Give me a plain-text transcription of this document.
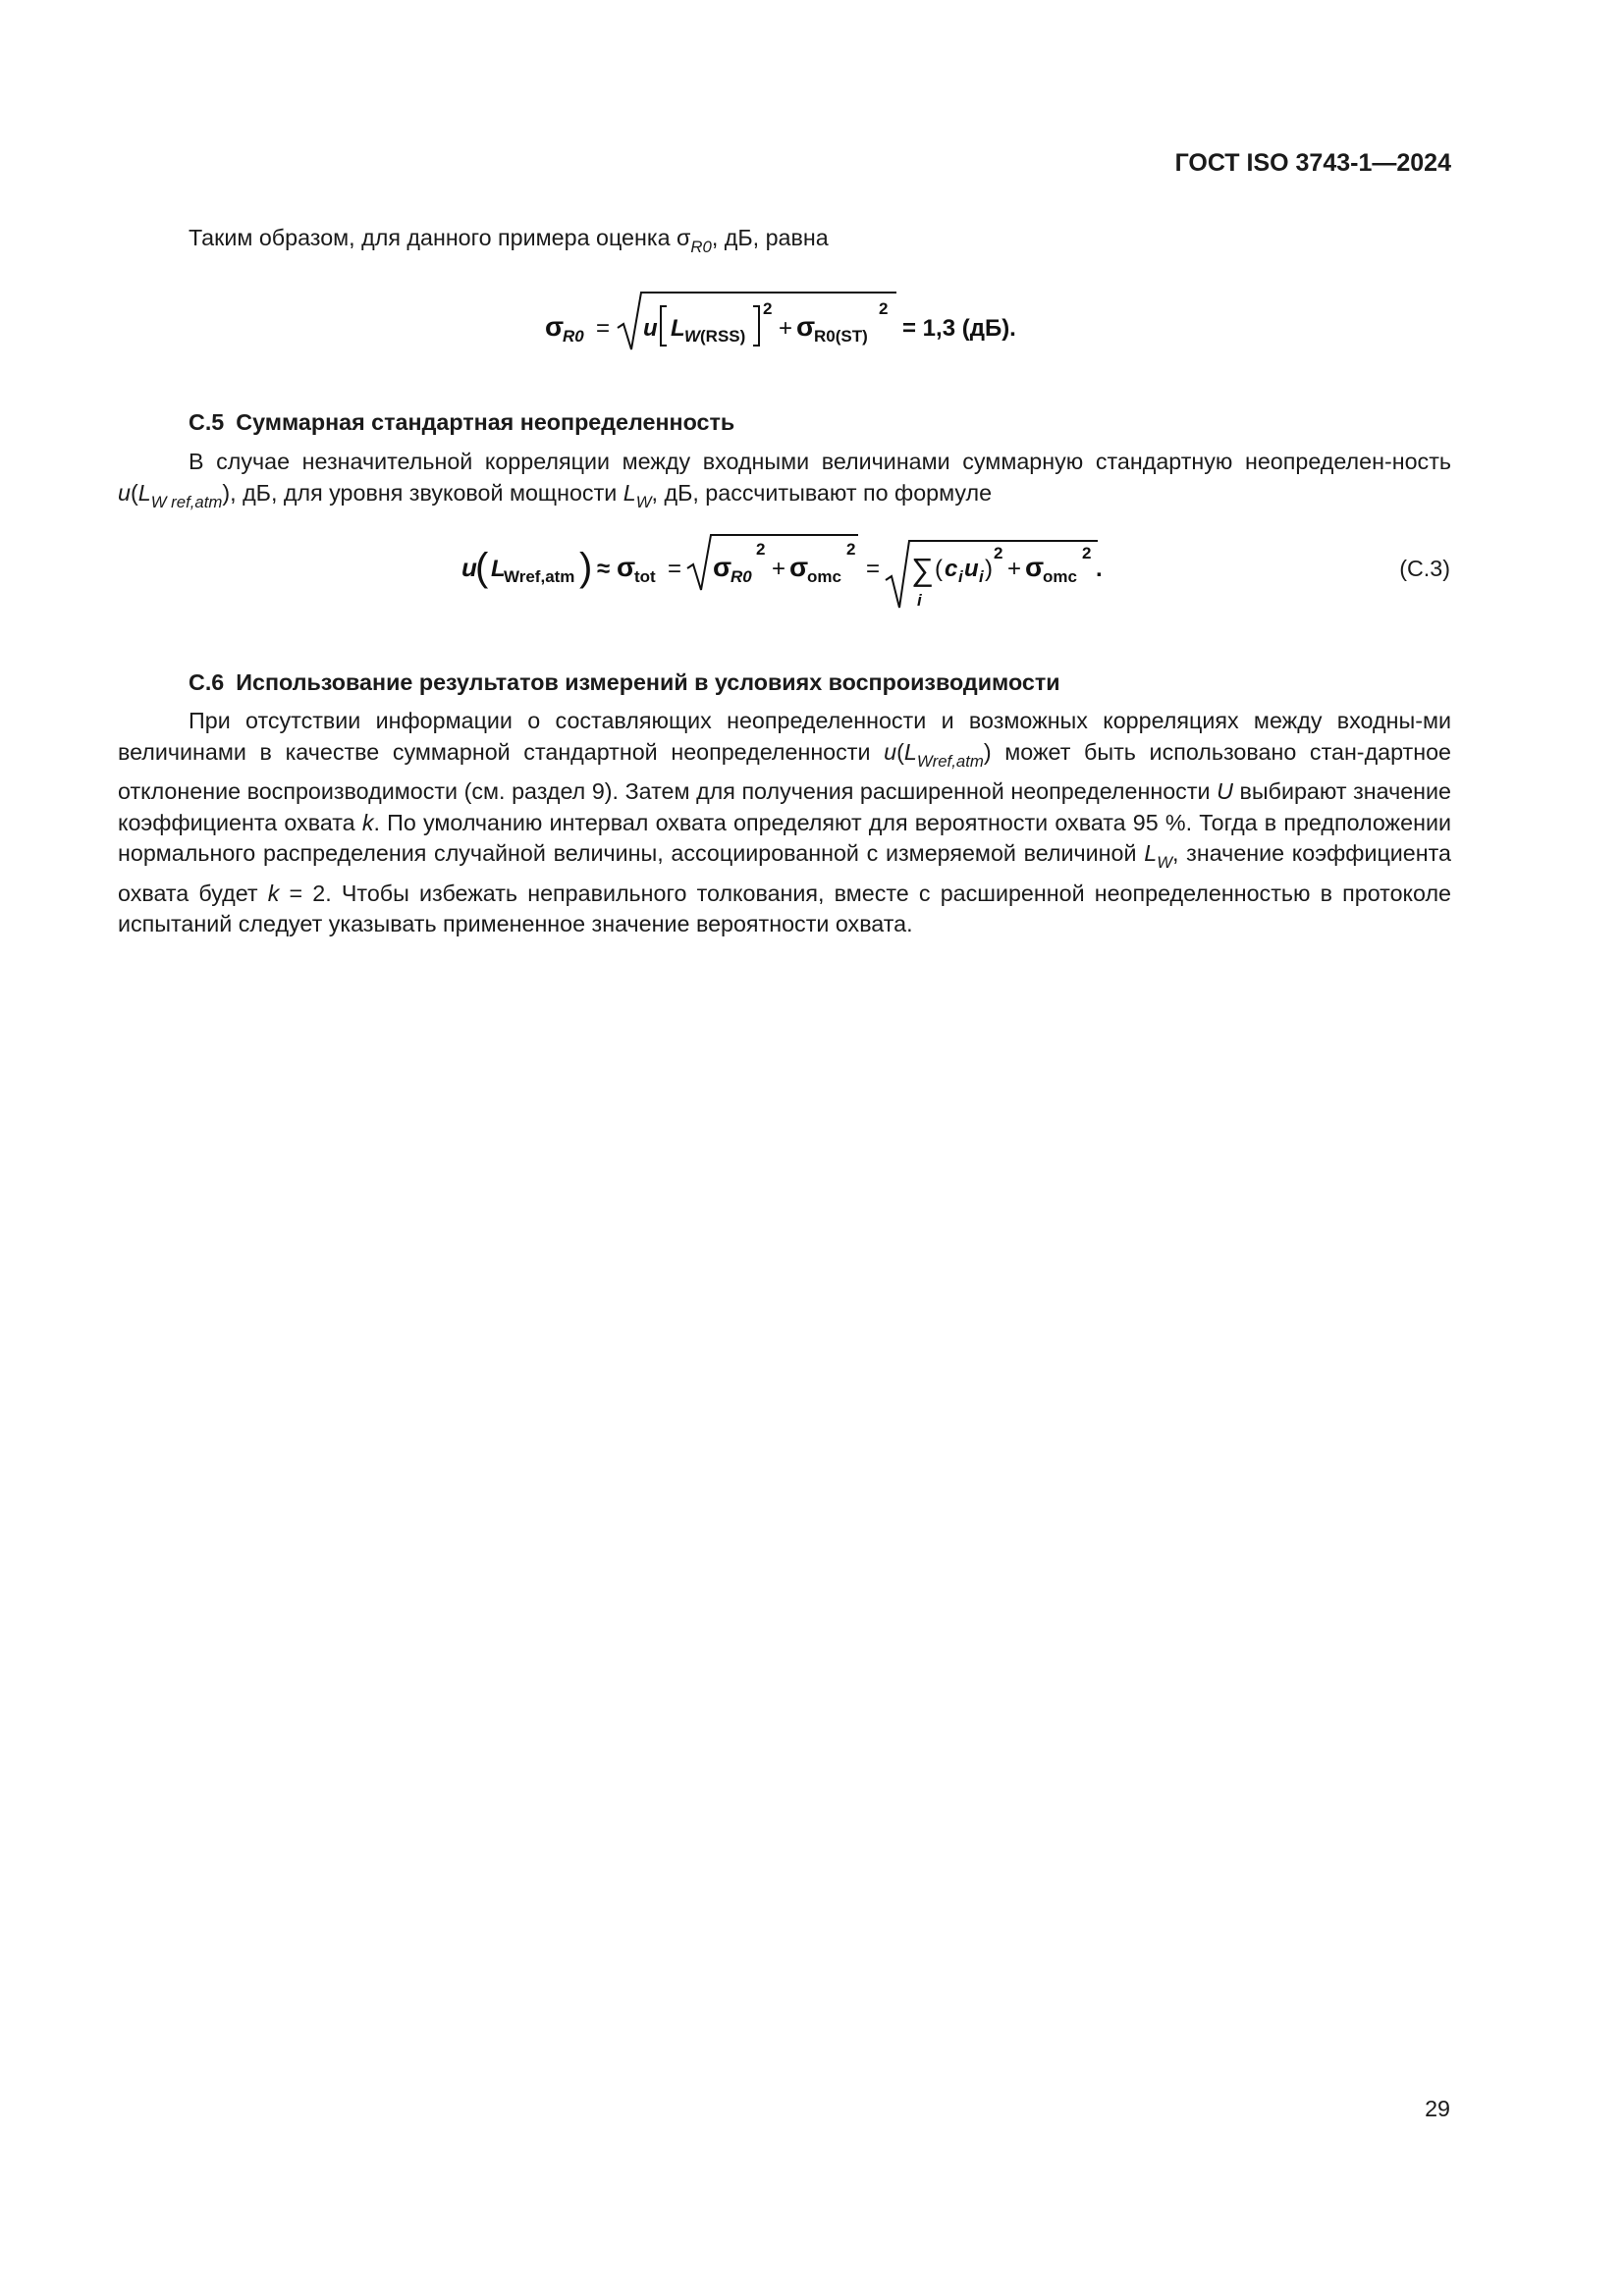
ГОСТ ISO 3743-1—2024
Таким образом, для данного примера оценка $\sigma_{R0}$, дБ, равна
σ
R0 = u L W (RSS)
2
+ σ
R0(ST)
2
= 1,3 (дБ).
С.5 Суммарная стандартная неопределенность
В случае незначительной корреляции между входными величинами суммарную стандартную неопределен-ность $u(L_{W ref,atm})$, дБ, для уровня звуковой мощности $L_W$, дБ, рассчитывают по формуле
u
( L
Wref,atm ) ≈ σ
tot = σ
R0
2
+ σ
omc
2
= ∑
i
( c i u i )
2
+ σ
omc
2
.	(С.3)
С.6 Использование результатов измерений в условиях воспроизводимости
При отсутствии информации о составляющих неопределенности и возможных корреляциях между входны-ми величинами в качестве суммарной стандартной неопределенности $u(L_{Wref,atm})$ может быть использовано стан-дартное отклонение воспроизводимости (см. раздел 9). Затем для получения расширенной неопределенности U выбирают значение коэффициента охвата k. По умолчанию интервал охвата определяют для вероятности охвата 95 %. Тогда в предположении нормального распределения случайной величины, ассоциированной с измеряемой величиной $L_W$, значение коэффициента охвата будет k = 2. Чтобы избежать неправильного толкования, вместе с расширенной неопределенностью в протоколе испытаний следует указывать примененное значение вероятности охвата.
29
